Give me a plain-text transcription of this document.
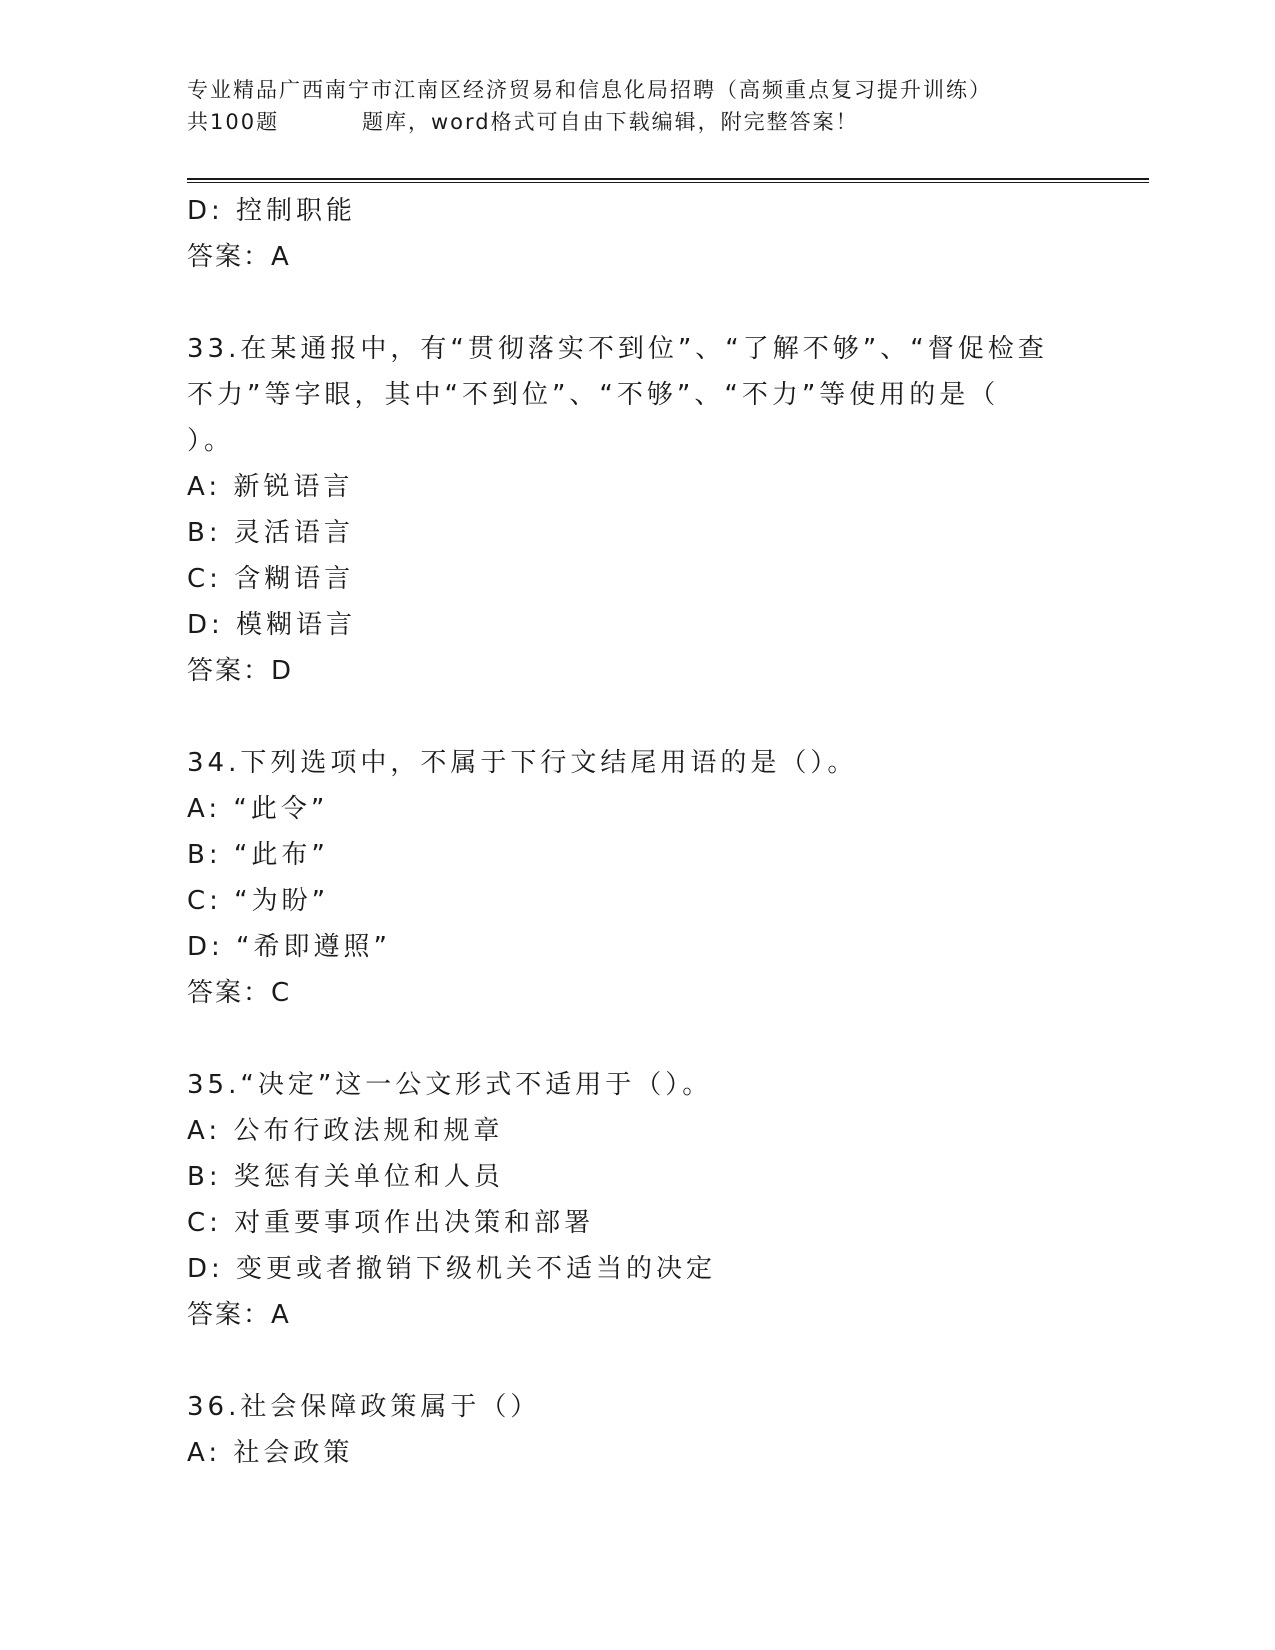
专业精品广西南宁市江南区经济贸易和信息化局招聘（高频重点复习提升训练）
共100题	题库，word格式可自由下载编辑，附完整答案！
D: 控制职能
答案：A
33.在某通报中，有“贯彻落实不到位”、“了解不够”、“督促检查
不力”等字眼，其中“不到位”、“不够”、“不力”等使用的是（
）。
A: 新锐语言
B: 灵活语言
C: 含糊语言
D: 模糊语言
答案：D
34.下列选项中，不属于下行文结尾用语的是（）。
A: “此令”
B: “此布”
C: “为盼”
D: “希即遵照”
答案：C
35.“决定”这一公文形式不适用于（）。
A: 公布行政法规和规章
B: 奖惩有关单位和人员
C: 对重要事项作出决策和部署
D: 变更或者撤销下级机关不适当的决定
答案：A
36.社会保障政策属于（）
A: 社会政策
